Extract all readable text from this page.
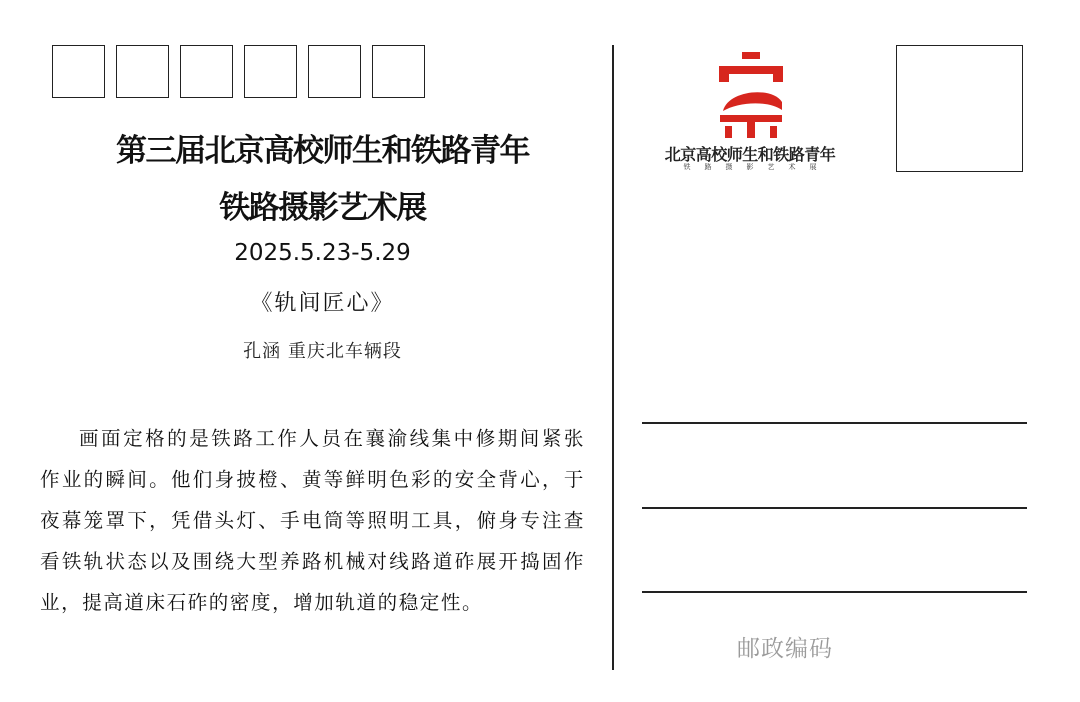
第三届北京高校师生和铁路青年
铁路摄影艺术展
2025.5.23-5.29
《轨间匠心》
孔涵 重庆北车辆段

画面定格的是铁路工作人员在襄渝线集中修期间紧张作业的瞬间。他们身披橙、黄等鲜明色彩的安全背心，于夜幕笼罩下，凭借头灯、手电筒等照明工具，俯身专注查看铁轨状态以及围绕大型养路机械对线路道砟展开捣固作业，提高道床石砟的密度，增加轨道的稳定性。

北京高校师生和铁路青年
铁路摄影艺术展
邮政编码
